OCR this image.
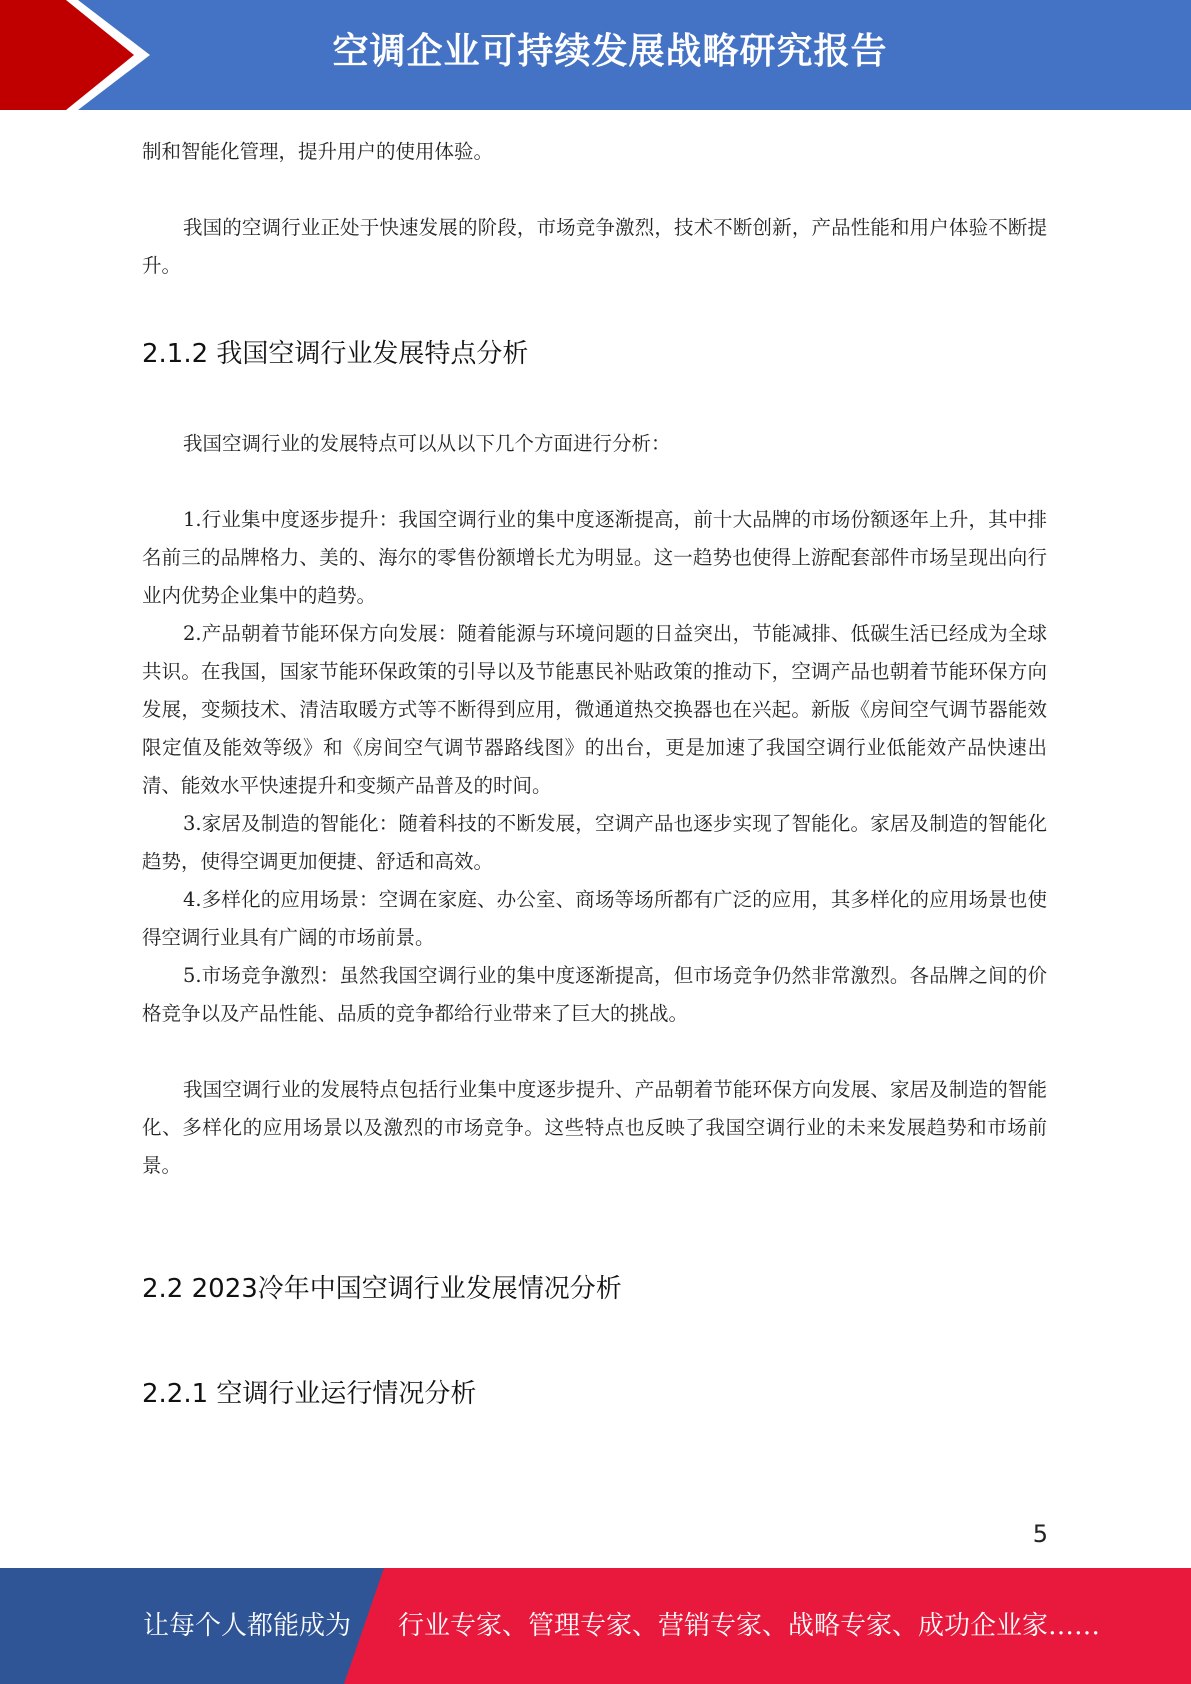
空调企业可持续发展战略研究报告

制和智能化管理，提升用户的使用体验。

我国的空调行业正处于快速发展的阶段，市场竞争激烈，技术不断创新，产品性能和用户体验不断提升。

2.1.2 我国空调行业发展特点分析

我国空调行业的发展特点可以从以下几个方面进行分析：

1.行业集中度逐步提升：我国空调行业的集中度逐渐提高，前十大品牌的市场份额逐年上升，其中排名前三的品牌格力、美的、海尔的零售份额增长尤为明显。这一趋势也使得上游配套部件市场呈现出向行业内优势企业集中的趋势。

2.产品朝着节能环保方向发展：随着能源与环境问题的日益突出，节能减排、低碳生活已经成为全球共识。在我国，国家节能环保政策的引导以及节能惠民补贴政策的推动下，空调产品也朝着节能环保方向发展，变频技术、清洁取暖方式等不断得到应用，微通道热交换器也在兴起。新版《房间空气调节器能效限定值及能效等级》和《房间空气调节器路线图》的出台，更是加速了我国空调行业低能效产品快速出清、能效水平快速提升和变频产品普及的时间。

3.家居及制造的智能化：随着科技的不断发展，空调产品也逐步实现了智能化。家居及制造的智能化趋势，使得空调更加便捷、舒适和高效。

4.多样化的应用场景：空调在家庭、办公室、商场等场所都有广泛的应用，其多样化的应用场景也使得空调行业具有广阔的市场前景。

5.市场竞争激烈：虽然我国空调行业的集中度逐渐提高，但市场竞争仍然非常激烈。各品牌之间的价格竞争以及产品性能、品质的竞争都给行业带来了巨大的挑战。

我国空调行业的发展特点包括行业集中度逐步提升、产品朝着节能环保方向发展、家居及制造的智能化、多样化的应用场景以及激烈的市场竞争。这些特点也反映了我国空调行业的未来发展趋势和市场前景。

2.2 2023冷年中国空调行业发展情况分析
2.2.1 空调行业运行情况分析
5
让每个人都能成为 行业专家、管理专家、营销专家、战略专家、成功企业家……
